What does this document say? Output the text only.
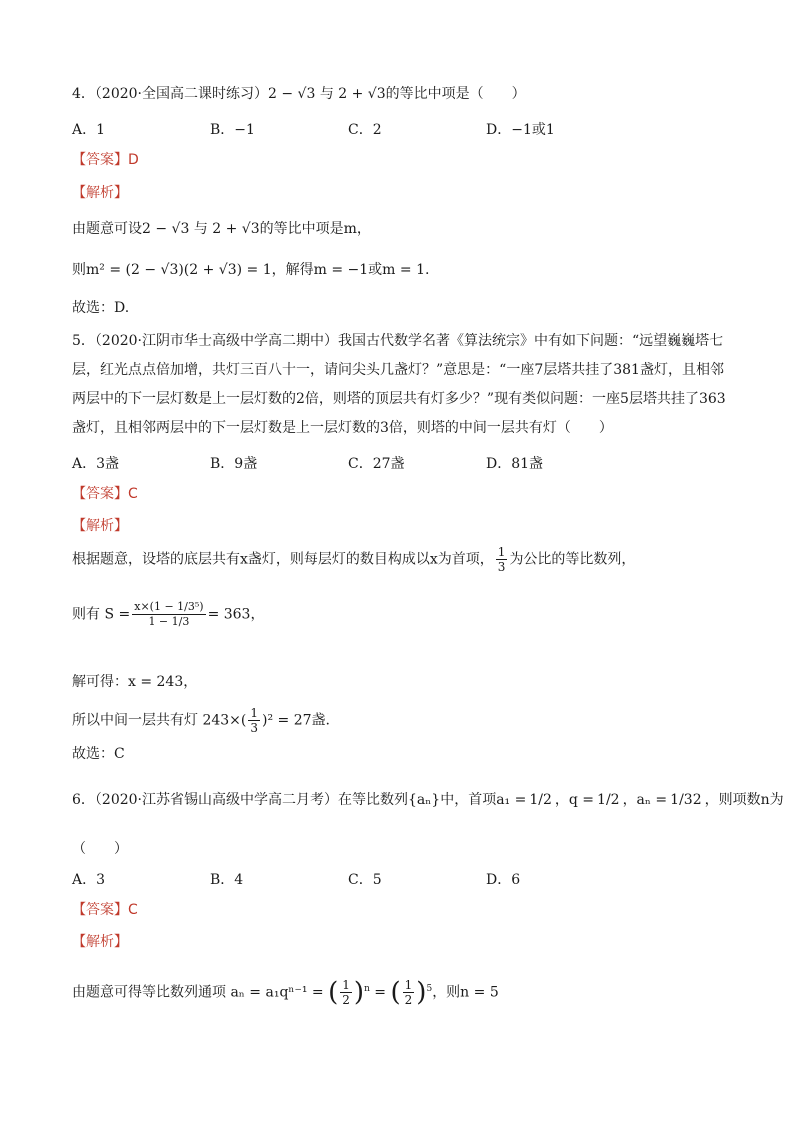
4．（2020·全国高二课时练习）2 − √3 与 2 + √3的等比中项是（　　）
A．1	B．−1	C．2	D．−1或1
【答案】D
【解析】
由题意可设2 − √3 与 2 + √3的等比中项是m，
则m² = (2 − √3)(2 + √3) = 1，解得m = −1或m = 1.
故选：D.
5．（2020·江阴市华士高级中学高二期中）我国古代数学名著《算法统宗》中有如下问题：“远望巍巍塔七层，红光点点倍加增，共灯三百八十一，请问尖头几盏灯？”意思是：“一座7层塔共挂了381盏灯，且相邻两层中的下一层灯数是上一层灯数的2倍，则塔的顶层共有灯多少？”现有类似问题：一座5层塔共挂了363盏灯，且相邻两层中的下一层灯数是上一层灯数的3倍，则塔的中间一层共有灯（　　）
A．3盏	B．9盏	C．27盏	D．81盏
【答案】C
【解析】
根据题意，设塔的底层共有x盏灯，则每层灯的数目构成以x为首项， $\frac{1}{3}$ 为公比的等比数列，
则有 $S = \frac{\text{x×(1 − 1/3⁵)}}{1 - 1/3} = 363$，
解可得：x = 243，
所以中间一层共有灯 $243\times( \frac{1}{3} )^2 = 27$盏.
故选：C
6．（2020·江苏省锡山高级中学高二月考）在等比数列{aₙ}中，首项a₁ = 1/2 ，q = 1/2 ，aₙ = 1/32 ，则项数n为
（　　）
A．3	B．4	C．5	D．6
【答案】C
【解析】
由题意可得等比数列通项 aₙ = a₁qⁿ⁻¹ = ( $\frac{1}{2} )^n$ = ( $\frac{1}{2} )^5$，则n = 5
